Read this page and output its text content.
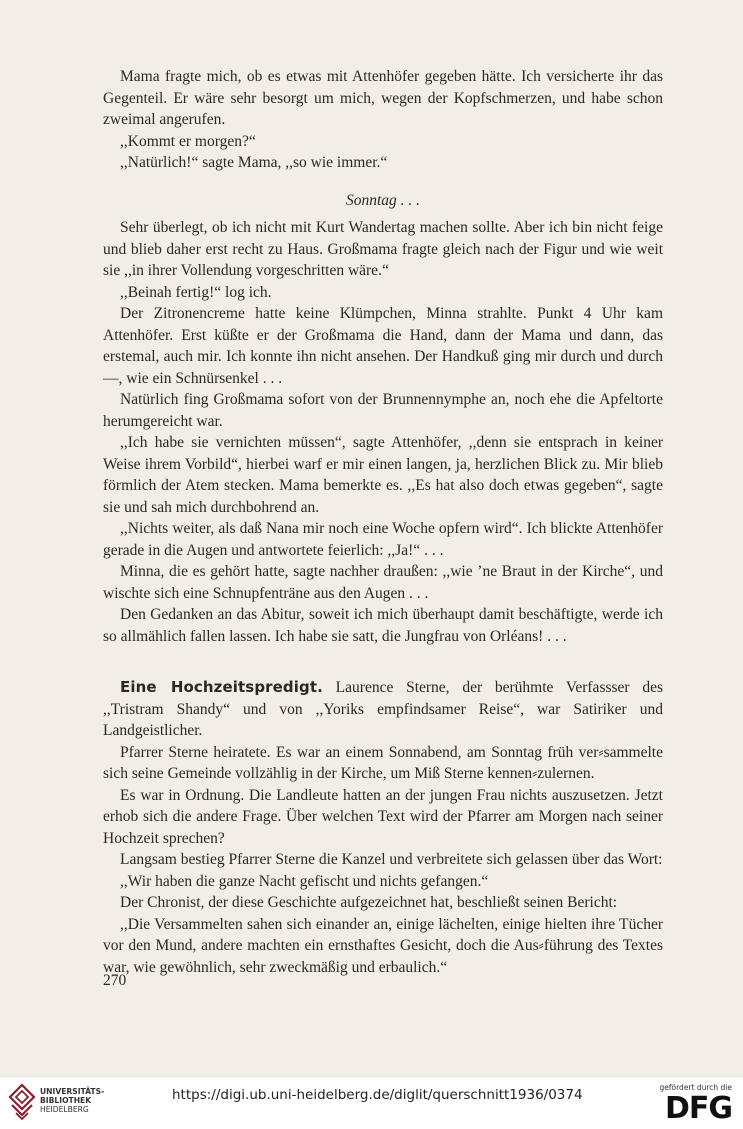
Mama fragte mich, ob es etwas mit Attenhöfer gegeben hätte. Ich versicherte ihr das Gegenteil. Er wäre sehr besorgt um mich, wegen der Kopfschmerzen, und habe schon zweimal angerufen.

,,Kommt er morgen?“

,,Natürlich!“ sagte Mama, ,,so wie immer.“

Sonntag . . .

Sehr überlegt, ob ich nicht mit Kurt Wandertag machen sollte. Aber ich bin nicht feige und blieb daher erst recht zu Haus. Großmama fragte gleich nach der Figur und wie weit sie ,,in ihrer Vollendung vorgeschritten wäre.“

,,Beinah fertig!“ log ich.

Der Zitronencreme hatte keine Klümpchen, Minna strahlte. Punkt 4 Uhr kam Attenhöfer. Erst küßte er der Großmama die Hand, dann der Mama und dann, das erstemal, auch mir. Ich konnte ihn nicht ansehen. Der Handkuß ging mir durch und durch —, wie ein Schnürsenkel . . .

Natürlich fing Großmama sofort von der Brunnennymphe an, noch ehe die Apfeltorte herumgereicht war.

,,Ich habe sie vernichten müssen“, sagte Attenhöfer, ,,denn sie entsprach in keiner Weise ihrem Vorbild“, hierbei warf er mir einen langen, ja, herzlichen Blick zu. Mir blieb förmlich der Atem stecken. Mama bemerkte es. ,,Es hat also doch etwas gegeben“, sagte sie und sah mich durchbohrend an.

,,Nichts weiter, als daß Nana mir noch eine Woche opfern wird“. Ich blickte Attenhöfer gerade in die Augen und antwortete feierlich: ,,Ja!“ . . .

Minna, die es gehört hatte, sagte nachher draußen: ,,wie ’ne Braut in der Kirche“, und wischte sich eine Schnupfenträne aus den Augen . . .

Den Gedanken an das Abitur, soweit ich mich überhaupt damit beschäftigte, werde ich so allmählich fallen lassen. Ich habe sie satt, die Jungfrau von Orléans! . . .

Eine Hochzeitspredigt. Laurence Sterne, der berühmte Verfassser des ,,Tristram Shandy“ und von ,,Yoriks empfindsamer Reise“, war Satiriker und Landgeistlicher.

Pfarrer Sterne heiratete. Es war an einem Sonnabend, am Sonntag früh ver⸗sammelte sich seine Gemeinde vollzählig in der Kirche, um Miß Sterne kennen⸗zulernen.

Es war in Ordnung. Die Landleute hatten an der jungen Frau nichts auszusetzen. Jetzt erhob sich die andere Frage. Über welchen Text wird der Pfarrer am Morgen nach seiner Hochzeit sprechen?

Langsam bestieg Pfarrer Sterne die Kanzel und verbreitete sich gelassen über das Wort:

,,Wir haben die ganze Nacht gefischt und nichts gefangen.“

Der Chronist, der diese Geschichte aufgezeichnet hat, beschließt seinen Bericht:

,,Die Versammelten sahen sich einander an, einige lächelten, einige hielten ihre Tücher vor den Mund, andere machten ein ernsthaftes Gesicht, doch die Aus⸗führung des Textes war, wie gewöhnlich, sehr zweckmäßig und erbaulich.“

270
UNIVERSITÄTS-
BIBLIOTHEK
HEIDELBERG
https://digi.ub.uni-heidelberg.de/diglit/querschnitt1936/0374	gefördert durch die
DFG
